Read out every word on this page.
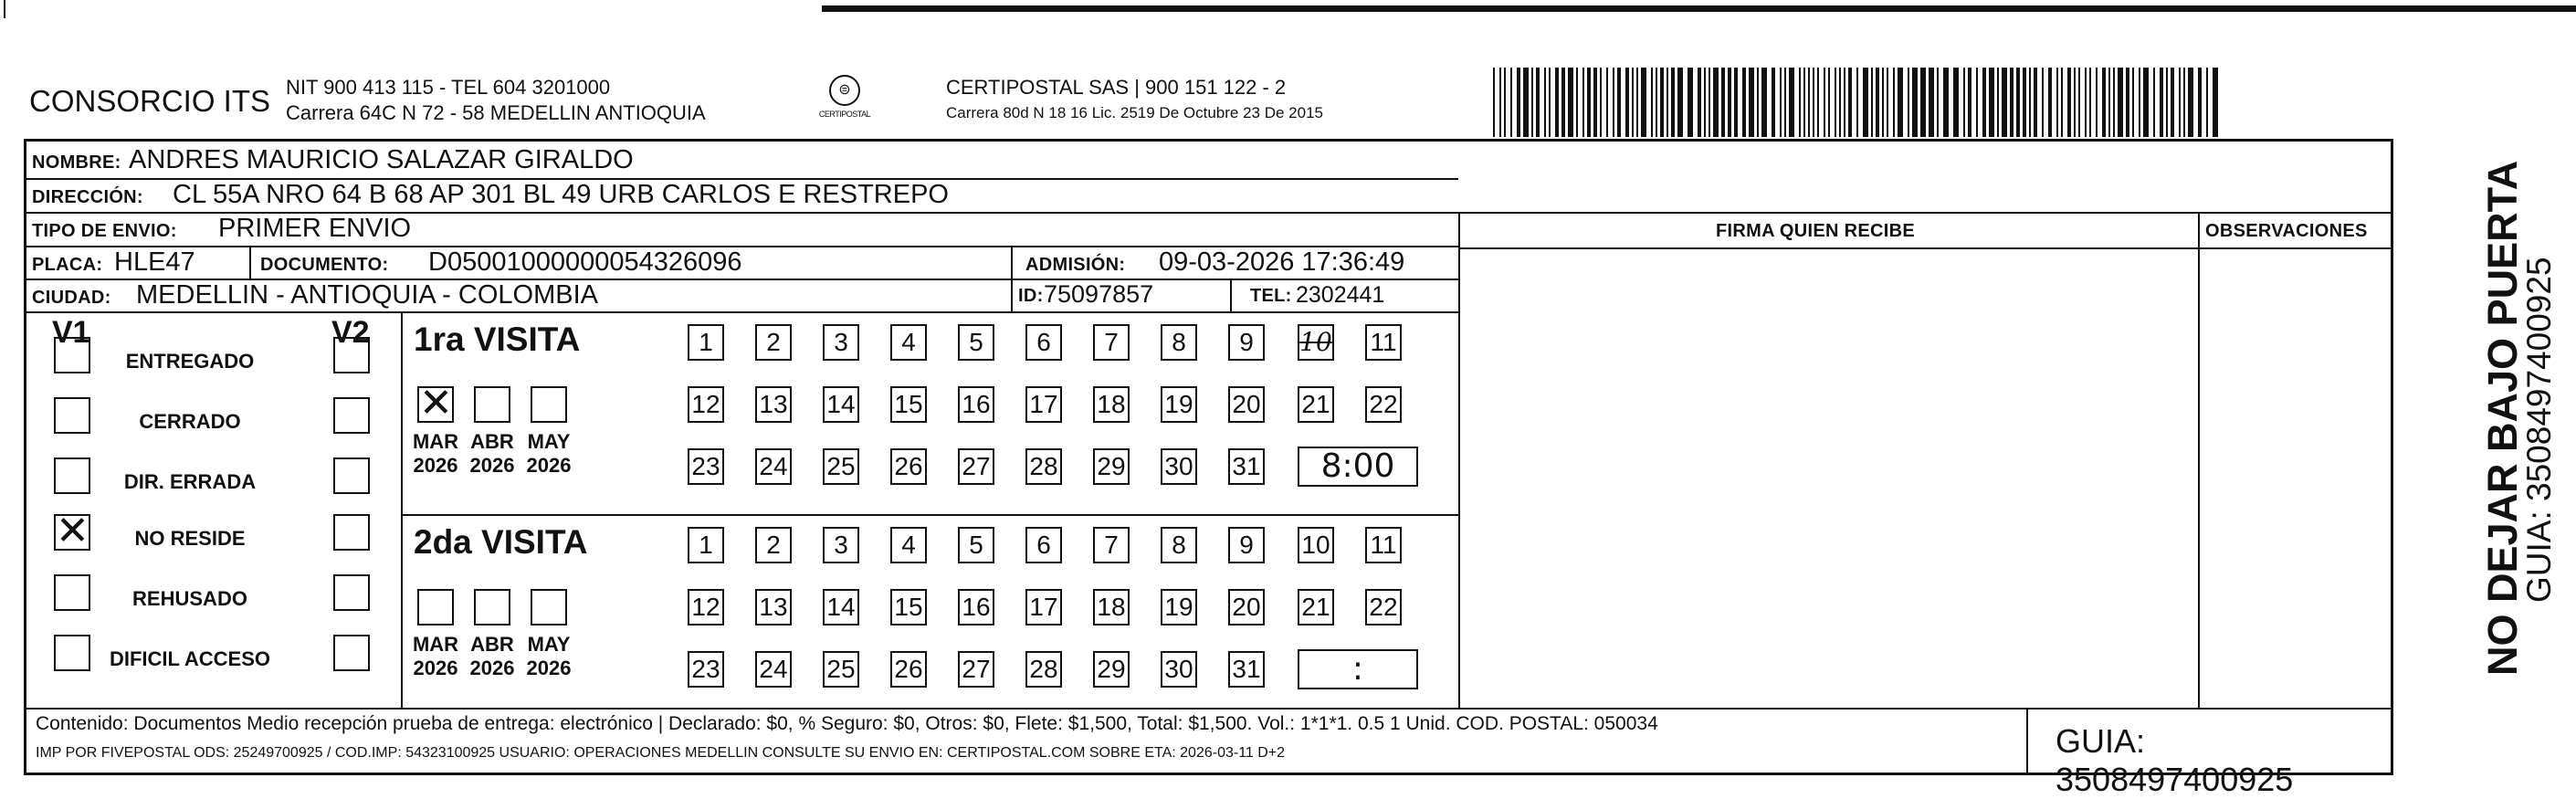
CONSORCIO ITS NIT 900 413 115 - TEL 604 3201000
Carrera 64C N 72 - 58 MEDELLIN ANTIOQUIA
⊜
CERTIPOSTAL
CERTIPOSTAL SAS | 900 151 122 - 2
Carrera 80d N 18 16 Lic. 2519 De Octubre 23 De 2015
NOMBRE: ANDRES MAURICIO SALAZAR GIRALDO
DIRECCIÓN: CL 55A NRO 64 B 68 AP 301 BL 49 URB CARLOS E RESTREPO
TIPO DE ENVIO: PRIMER ENVIO
PLACA: HLE47	DOCUMENTO: D05001000000054326096	ADMISIÓN: 09-03-2026 17:36:49
CIUDAD: MEDELLIN - ANTIOQUIA - COLOMBIA	ID: 75097857	TEL: 2302441
FIRMA QUIEN RECIBE	OBSERVACIONES
V1	V2
ENTREGADO
CERRADO
DIR. ERRADA
✕	NO RESIDE
REHUSADO
DIFICIL ACCESO
1ra VISITA
✕
MAR
2026
ABR
2026
MAY
2026
1	2	3	4	5	6	7	8	9	10 11
12 13 14 15 16 17 18 19 20 21 22
23 24 25 26 27 28 29 30 31	8:00
2da VISITA
MAR
2026
ABR
2026
MAY
2026
1	2	3	4	5	6	7	8	9	10 11
12 13 14 15 16 17 18 19 20 21 22
23 24 25 26 27 28 29 30 31	:
Contenido: Documentos Medio recepción prueba de entrega: electrónico | Declarado: $0, % Seguro: $0, Otros: $0, Flete: $1,500, Total: $1,500. Vol.: 1*1*1. 0.5 1 Unid. COD. POSTAL: 050034
IMP POR FIVEPOSTAL ODS: 25249700925 / COD.IMP: 54323100925 USUARIO: OPERACIONES MEDELLIN CONSULTE SU ENVIO EN: CERTIPOSTAL.COM SOBRE ETA: 2026-03-11 D+2	GUIA: 3508497400925
NO DEJAR BAJO PUERTA
GUIA: 3508497400925
